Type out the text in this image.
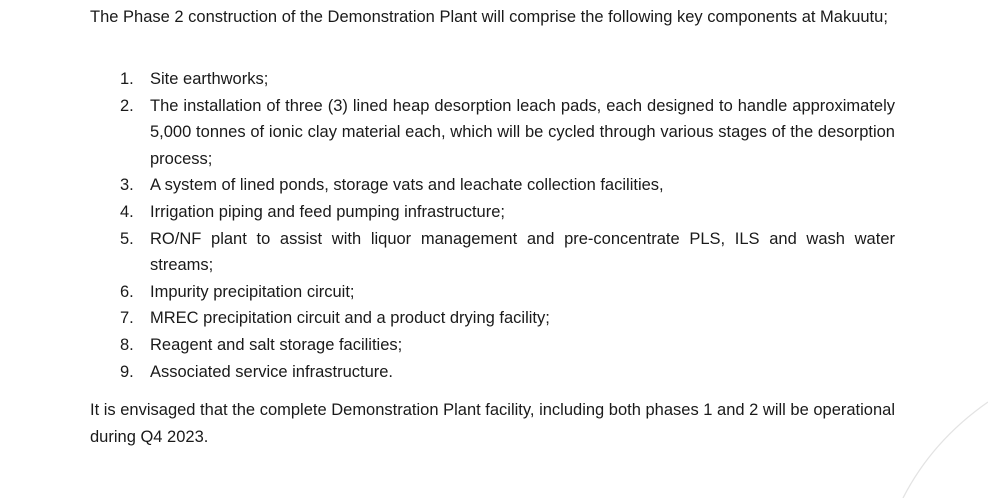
The Phase 2 construction of the Demonstration Plant will comprise the following key components at Makuutu;
1. Site earthworks;
2. The installation of three (3) lined heap desorption leach pads, each designed to handle approximately 5,000 tonnes of ionic clay material each, which will be cycled through various stages of the desorption process;
3. A system of lined ponds, storage vats and leachate collection facilities,
4. Irrigation piping and feed pumping infrastructure;
5. RO/NF plant to assist with liquor management and pre-concentrate PLS, ILS and wash water streams;
6. Impurity precipitation circuit;
7. MREC precipitation circuit and a product drying facility;
8. Reagent and salt storage facilities;
9. Associated service infrastructure.
It is envisaged that the complete Demonstration Plant facility, including both phases 1 and 2 will be operational during Q4 2023.
